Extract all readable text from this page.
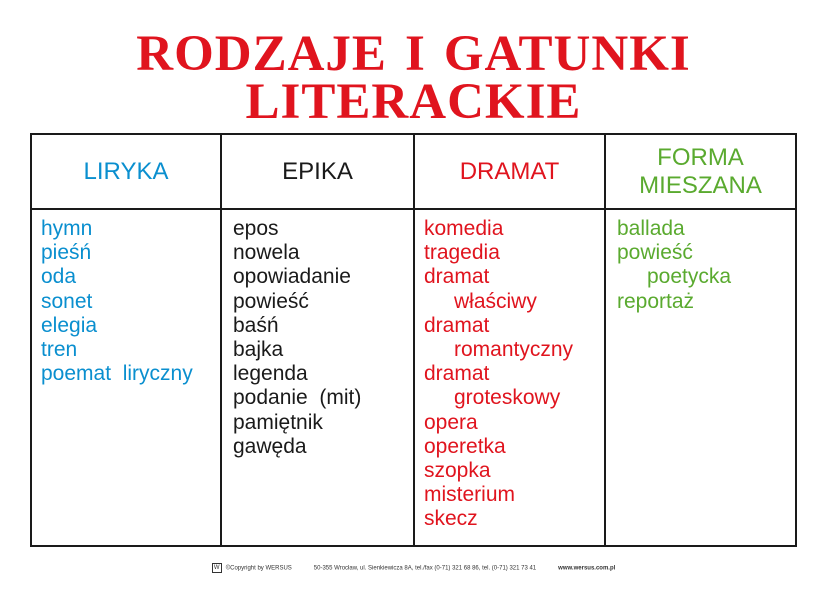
RODZAJE I GATUNKI
LITERACKIE
LIRYKA
hymn
pieśń
oda
sonet
elegia
tren
poemat  liryczny
EPIKA
epos
nowela
opowiadanie
powieść
baśń
bajka
legenda
podanie  (mit)
pamiętnik
gawęda
DRAMAT
komedia
tragedia
dramat
właściwy
dramat
romantyczny
dramat
groteskowy
opera
operetka
szopka
misterium
skecz
FORMA
MIESZANA
ballada
powieść
poetycka
reportaż
W ©Copyright by WERSUS	50-355 Wrocław, ul. Sienkiewicza 8A, tel./fax (0-71) 321 68 86, tel. (0-71) 321 73 41	www.wersus.com.pl
